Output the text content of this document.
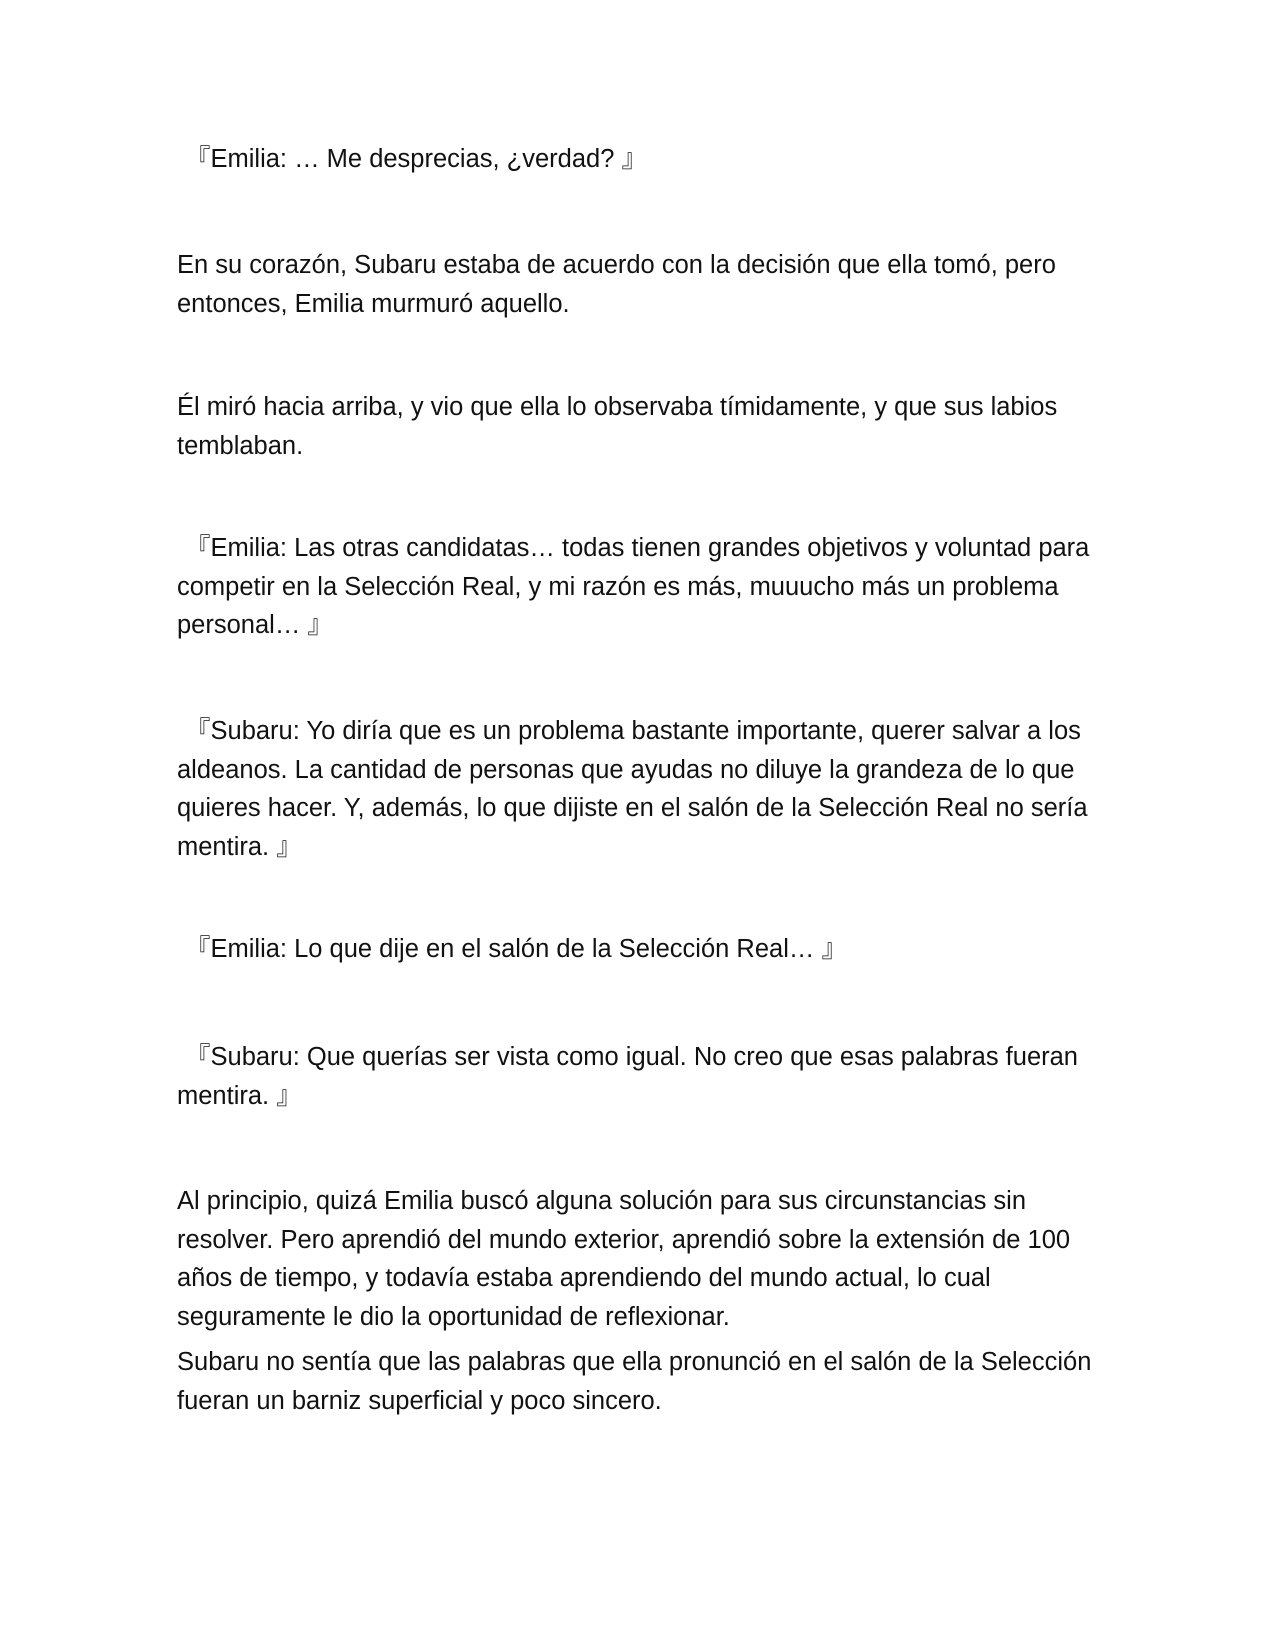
『Emilia: … Me desprecias, ¿verdad? 』

En su corazón, Subaru estaba de acuerdo con la decisión que ella tomó, pero entonces, Emilia murmuró aquello.

Él miró hacia arriba, y vio que ella lo observaba tímidamente, y que sus labios temblaban.

『Emilia: Las otras candidatas… todas tienen grandes objetivos y voluntad para competir en la Selección Real, y mi razón es más, muuucho más un problema personal… 』

『Subaru: Yo diría que es un problema bastante importante, querer salvar a los aldeanos. La cantidad de personas que ayudas no diluye la grandeza de lo que quieres hacer. Y, además, lo que dijiste en el salón de la Selección Real no sería mentira. 』

『Emilia: Lo que dije en el salón de la Selección Real… 』

『Subaru: Que querías ser vista como igual. No creo que esas palabras fueran mentira. 』

Al principio, quizá Emilia buscó alguna solución para sus circunstancias sin resolver. Pero aprendió del mundo exterior, aprendió sobre la extensión de 100 años de tiempo, y todavía estaba aprendiendo del mundo actual, lo cual seguramente le dio la oportunidad de reflexionar.

Subaru no sentía que las palabras que ella pronunció en el salón de la Selección fueran un barniz superficial y poco sincero.
